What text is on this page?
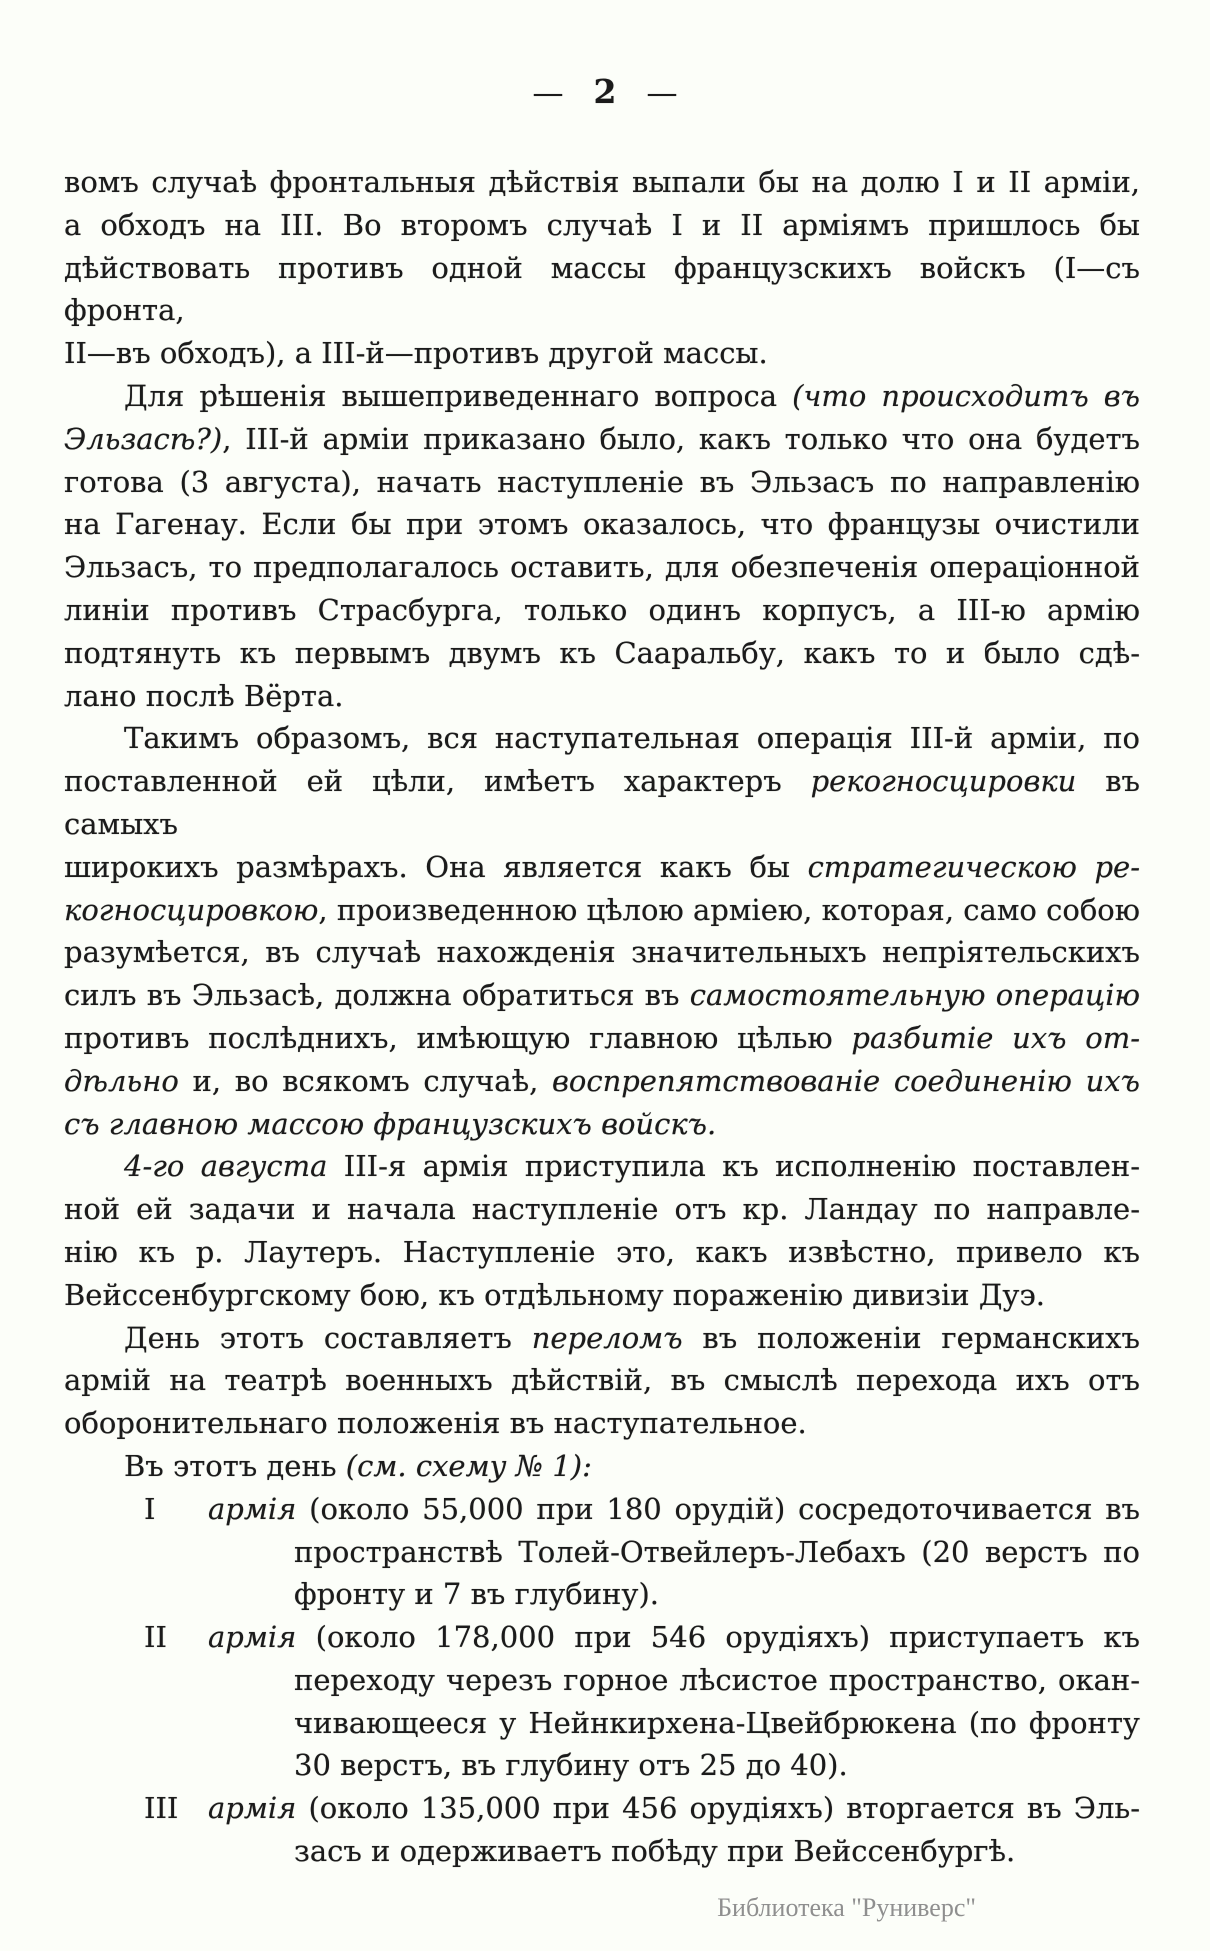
— 2 —
вомъ случаѣ фронтальныя дѣйствія выпали бы на долю I и II арміи,
а обходъ на III. Во второмъ случаѣ I и II арміямъ пришлось бы
дѣйствовать противъ одной массы французскихъ войскъ (I—съ фронта,
II—въ обходъ), а III-й—противъ другой массы.
Для рѣшенія вышеприведеннаго вопроса (что происходитъ въ
Эльзасѣ?), III-й арміи приказано было, какъ только что она будетъ
готова (3 августа), начать наступленіе въ Эльзасъ по направленію
на Гагенау. Если бы при этомъ оказалось, что французы очистили
Эльзасъ, то предполагалось оставить, для обезпеченія операціонной
линіи противъ Страсбурга, только одинъ корпусъ, а III-ю армію
подтянуть къ первымъ двумъ къ Сааральбу, какъ то и было сдѣ-
лано послѣ Вёрта.
Такимъ образомъ, вся наступательная операція III-й арміи, по
поставленной ей цѣли, имѣетъ характеръ рекогносцировки въ самыхъ
широкихъ размѣрахъ. Она является какъ бы стратегическою ре-
когносцировкою, произведенною цѣлою арміею, которая, само собою
разумѣется, въ случаѣ нахожденія значительныхъ непріятельскихъ
силъ въ Эльзасѣ, должна обратиться въ самостоятельную операцію
противъ послѣднихъ, имѣющую главною цѣлью разбитіе ихъ от-
дѣльно и, во всякомъ случаѣ, воспрепятствованіе соединенію ихъ
съ главною массою французскихъ войскъ.
4-го августа III-я армія приступила къ исполненію поставлен-
ной ей задачи и начала наступленіе отъ кр. Ландау по направле-
нію къ р. Лаутеръ. Наступленіе это, какъ извѣстно, привело къ
Вейссенбургскому бою, къ отдѣльному пораженію дивизіи Дуэ.
День этотъ составляетъ переломъ въ положеніи германскихъ
армій на театрѣ военныхъ дѣйствій, въ смыслѣ перехода ихъ отъ
оборонительнаго положенія въ наступательное.
Въ этотъ день (см. схему № 1):
I армія (около 55,000 при 180 орудій) сосредоточивается въ
пространствѣ Толей-Отвейлеръ-Лебахъ (20 верстъ по
фронту и 7 въ глубину).
II армія (около 178,000 при 546 орудіяхъ) приступаетъ къ
переходу черезъ горное лѣсистое пространство, окан-
чивающееся у Нейнкирхена-Цвейбрюкена (по фронту
30 верстъ, въ глубину отъ 25 до 40).
III армія (около 135,000 при 456 орудіяхъ) вторгается въ Эль-
засъ и одерживаетъ побѣду при Вейссенбургѣ.
Библиотека "Руниверс"
